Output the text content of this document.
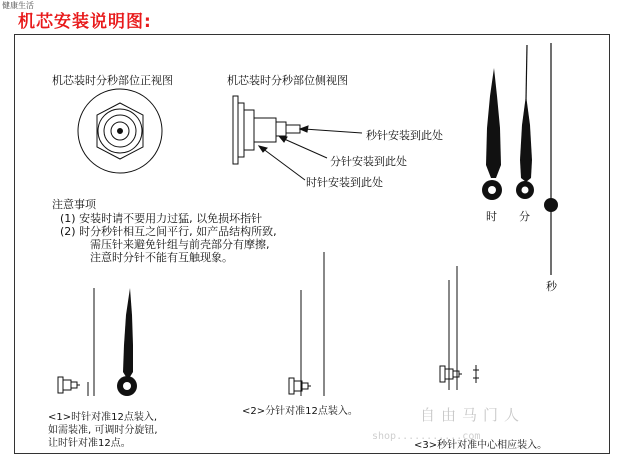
健康生活
机芯安装说明图:
机芯装时分秒部位正视图	机芯装时分秒部位侧视图
秒针安装到此处
分针安装到此处
时针安装到此处
注意事项
(1) 安装时请不要用力过猛, 以免损坏指针
(2) 时分秒针相互之间平行, 如产品结构所致,
需压针来避免针组与前壳部分有摩擦,
注意时分针不能有互触现象。
时 分
秒
<1>时针对准12点装入,
如需装准, 可调时分旋钮,
让时针对准12点。
<2>分针对准12点装入。
<3>秒针对准中心相应装入。
自由马门人
shop...........com
